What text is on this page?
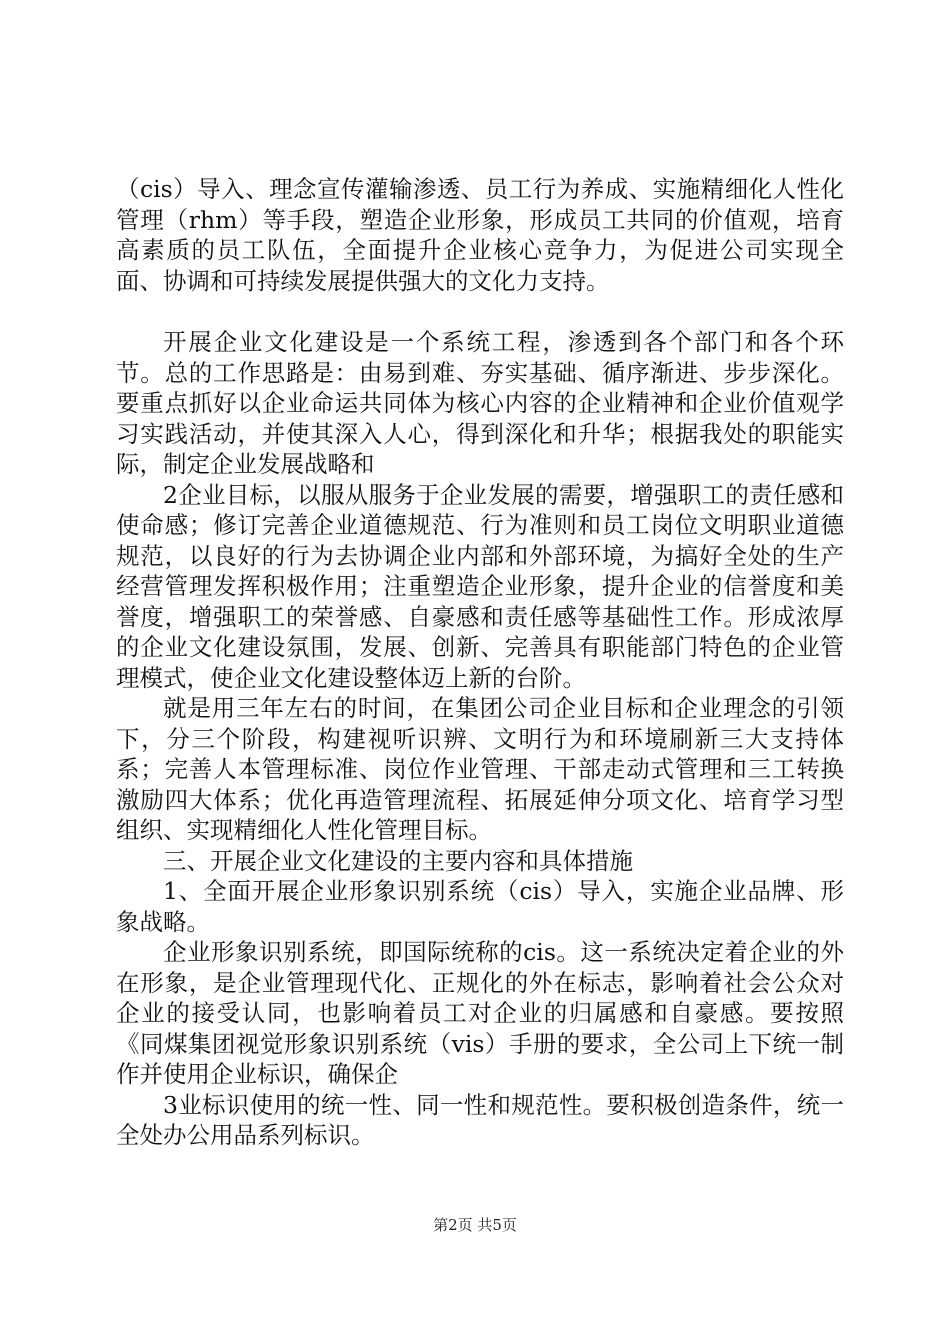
（cis）导入、理念宣传灌输渗透、员工行为养成、实施精细化人性化管理（rhm）等手段，塑造企业形象，形成员工共同的价值观，培育高素质的员工队伍，全面提升企业核心竞争力，为促进公司实现全面、协调和可持续发展提供强大的文化力支持。

开展企业文化建设是一个系统工程，渗透到各个部门和各个环节。总的工作思路是：由易到难、夯实基础、循序渐进、步步深化。要重点抓好以企业命运共同体为核心内容的企业精神和企业价值观学习实践活动，并使其深入人心，得到深化和升华；根据我处的职能实际，制定企业发展战略和

2企业目标，以服从服务于企业发展的需要，增强职工的责任感和使命感；修订完善企业道德规范、行为准则和员工岗位文明职业道德规范，以良好的行为去协调企业内部和外部环境，为搞好全处的生产经营管理发挥积极作用；注重塑造企业形象，提升企业的信誉度和美誉度，增强职工的荣誉感、自豪感和责任感等基础性工作。形成浓厚的企业文化建设氛围，发展、创新、完善具有职能部门特色的企业管理模式，使企业文化建设整体迈上新的台阶。

就是用三年左右的时间，在集团公司企业目标和企业理念的引领下，分三个阶段，构建视听识辨、文明行为和环境刷新三大支持体系；完善人本管理标准、岗位作业管理、干部走动式管理和三工转换激励四大体系；优化再造管理流程、拓展延伸分项文化、培育学习型组织、实现精细化人性化管理目标。

三、开展企业文化建设的主要内容和具体措施

1、全面开展企业形象识别系统（cis）导入，实施企业品牌、形象战略。

企业形象识别系统，即国际统称的cis。这一系统决定着企业的外在形象，是企业管理现代化、正规化的外在标志，影响着社会公众对企业的接受认同，也影响着员工对企业的归属感和自豪感。要按照《同煤集团视觉形象识别系统（vis）手册的要求，全公司上下统一制作并使用企业标识，确保企

3业标识使用的统一性、同一性和规范性。要积极创造条件，统一全处办公用品系列标识。

第2页 共5页
